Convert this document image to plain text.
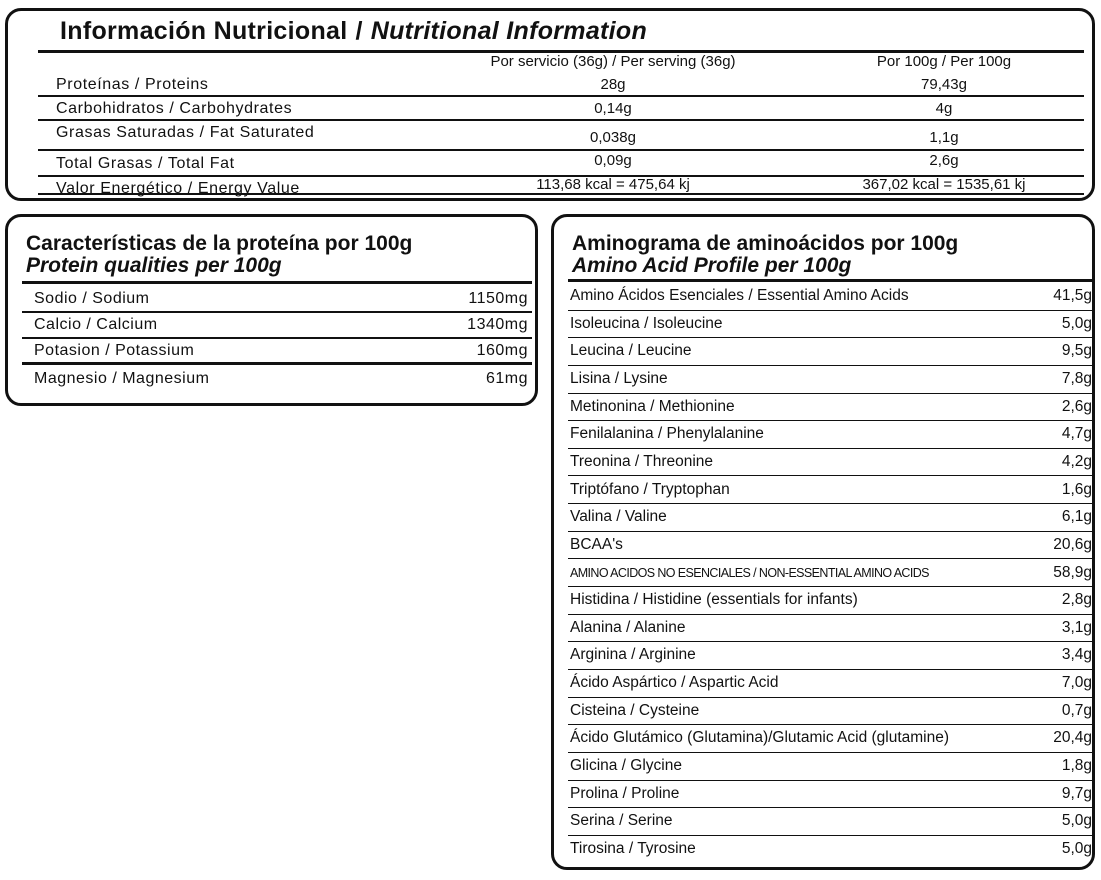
Información Nutricional / Nutritional Information
Por servicio (36g) / Per serving (36g)	Por 100g / Per 100g
Proteínas / Proteins	28g	79,43g
Carbohidratos / Carbohydrates	0,14g	4g
Grasas Saturadas / Fat Saturated	0,038g	1,1g
Total Grasas / Total Fat	0,09g	2,6g
Valor Energético / Energy Value	113,68 kcal = 475,64 kj	367,02 kcal = 1535,61 kj
Características de la proteína por 100g
Protein qualities per 100g
Sodio / Sodium	1150mg
Calcio / Calcium	1340mg
Potasion / Potassium	160mg
Magnesio / Magnesium	61mg
Aminograma de aminoácidos por 100g
Amino Acid Profile per 100g
Amino Ácidos Esenciales / Essential Amino Acids	41,5g
Isoleucina / Isoleucine	5,0g
Leucina / Leucine	9,5g
Lisina / Lysine	7,8g
Metinonina / Methionine	2,6g
Fenilalanina / Phenylalanine	4,7g
Treonina / Threonine	4,2g
Triptófano / Tryptophan	1,6g
Valina / Valine	6,1g
BCAA's	20,6g
AMINO ACIDOS NO ESENCIALES / NON-ESSENTIAL AMINO ACIDS	58,9g
Histidina / Histidine (essentials for infants)	2,8g
Alanina / Alanine	3,1g
Arginina / Arginine	3,4g
Ácido Aspártico / Aspartic Acid	7,0g
Cisteina / Cysteine	0,7g
Ácido Glutámico (Glutamina)/Glutamic Acid (glutamine)	20,4g
Glicina / Glycine	1,8g
Prolina / Proline	9,7g
Serina / Serine	5,0g
Tirosina / Tyrosine	5,0g
